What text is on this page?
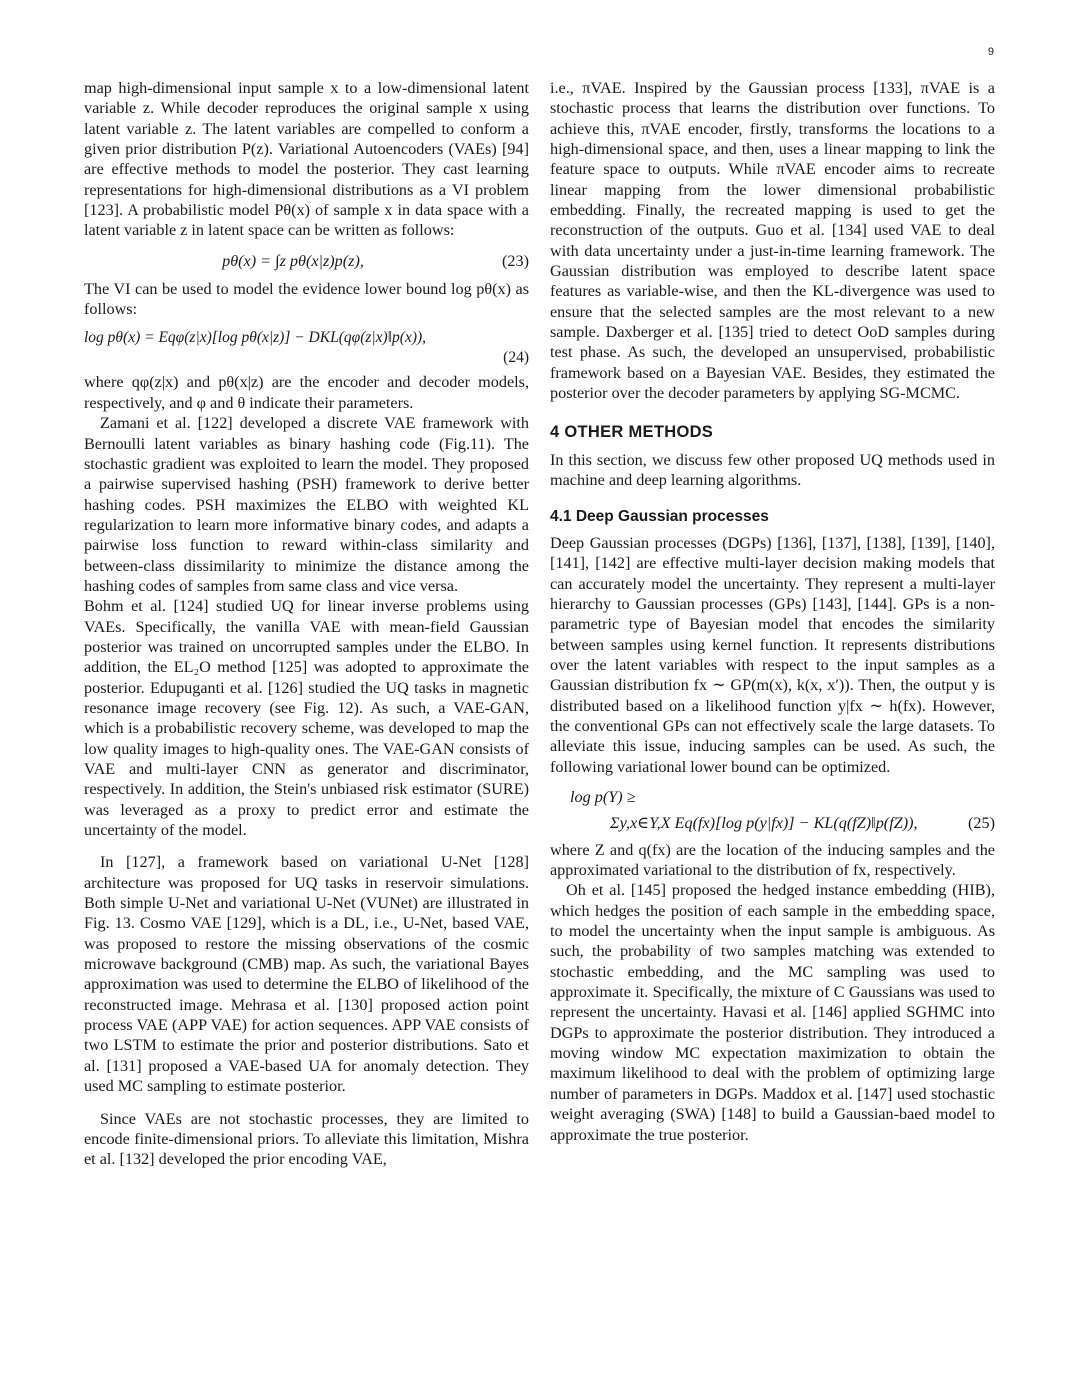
9

map high-dimensional input sample x to a low-dimensional latent variable z. While decoder reproduces the original sample x using latent variable z. The latent variables are compelled to conform a given prior distribution P(z). Variational Autoencoders (VAEs) [94] are effective methods to model the posterior. They cast learning representations for high-dimensional distributions as a VI problem [123]. A probabilistic model Pθ(x) of sample x in data space with a latent variable z in latent space can be written as follows:

pθ(x) = ∫z pθ(x|z)p(z),	(23)

The VI can be used to model the evidence lower bound log pθ(x) as follows:

log pθ(x) = Eqφ(z|x)[log pθ(x|z)] − DKL(qφ(z|x)‖p(x)),
(24)

where qφ(z|x) and pθ(x|z) are the encoder and decoder models, respectively, and φ and θ indicate their parameters.

Zamani et al. [122] developed a discrete VAE framework with Bernoulli latent variables as binary hashing code (Fig.11). The stochastic gradient was exploited to learn the model. They proposed a pairwise supervised hashing (PSH) framework to derive better hashing codes. PSH maximizes the ELBO with weighted KL regularization to learn more informative binary codes, and adapts a pairwise loss function to reward within-class similarity and between-class dissimilarity to minimize the distance among the hashing codes of samples from same class and vice versa.

Bohm et al. [124] studied UQ for linear inverse problems using VAEs. Specifically, the vanilla VAE with mean-field Gaussian posterior was trained on uncorrupted samples under the ELBO. In addition, the EL₂O method [125] was adopted to approximate the posterior. Edupuganti et al. [126] studied the UQ tasks in magnetic resonance image recovery (see Fig. 12). As such, a VAE-GAN, which is a probabilistic recovery scheme, was developed to map the low quality images to high-quality ones. The VAE-GAN consists of VAE and multi-layer CNN as generator and discriminator, respectively. In addition, the Stein's unbiased risk estimator (SURE) was leveraged as a proxy to predict error and estimate the uncertainty of the model.

In [127], a framework based on variational U-Net [128] architecture was proposed for UQ tasks in reservoir simulations. Both simple U-Net and variational U-Net (VUNet) are illustrated in Fig. 13. Cosmo VAE [129], which is a DL, i.e., U-Net, based VAE, was proposed to restore the missing observations of the cosmic microwave background (CMB) map. As such, the variational Bayes approximation was used to determine the ELBO of likelihood of the reconstructed image. Mehrasa et al. [130] proposed action point process VAE (APP VAE) for action sequences. APP VAE consists of two LSTM to estimate the prior and posterior distributions. Sato et al. [131] proposed a VAE-based UA for anomaly detection. They used MC sampling to estimate posterior.

Since VAEs are not stochastic processes, they are limited to encode finite-dimensional priors. To alleviate this limitation, Mishra et al. [132] developed the prior encoding VAE,

i.e., πVAE. Inspired by the Gaussian process [133], πVAE is a stochastic process that learns the distribution over functions. To achieve this, πVAE encoder, firstly, transforms the locations to a high-dimensional space, and then, uses a linear mapping to link the feature space to outputs. While πVAE encoder aims to recreate linear mapping from the lower dimensional probabilistic embedding. Finally, the recreated mapping is used to get the reconstruction of the outputs. Guo et al. [134] used VAE to deal with data uncertainty under a just-in-time learning framework. The Gaussian distribution was employed to describe latent space features as variable-wise, and then the KL-divergence was used to ensure that the selected samples are the most relevant to a new sample. Daxberger et al. [135] tried to detect OoD samples during test phase. As such, the developed an unsupervised, probabilistic framework based on a Bayesian VAE. Besides, they estimated the posterior over the decoder parameters by applying SG-MCMC.

4 OTHER METHODS

In this section, we discuss few other proposed UQ methods used in machine and deep learning algorithms.

4.1 Deep Gaussian processes

Deep Gaussian processes (DGPs) [136], [137], [138], [139], [140], [141], [142] are effective multi-layer decision making models that can accurately model the uncertainty. They represent a multi-layer hierarchy to Gaussian processes (GPs) [143], [144]. GPs is a non-parametric type of Bayesian model that encodes the similarity between samples using kernel function. It represents distributions over the latent variables with respect to the input samples as a Gaussian distribution fx ∼ GP(m(x), k(x, x′)). Then, the output y is distributed based on a likelihood function y|fx ∼ h(fx). However, the conventional GPs can not effectively scale the large datasets. To alleviate this issue, inducing samples can be used. As such, the following variational lower bound can be optimized.

log p(Y) ≥
Σy,x∈Y,X Eq(fx)[log p(y|fx)] − KL(q(fZ)‖p(fZ)),	(25)

where Z and q(fx) are the location of the inducing samples and the approximated variational to the distribution of fx, respectively.

Oh et al. [145] proposed the hedged instance embedding (HIB), which hedges the position of each sample in the embedding space, to model the uncertainty when the input sample is ambiguous. As such, the probability of two samples matching was extended to stochastic embedding, and the MC sampling was used to approximate it. Specifically, the mixture of C Gaussians was used to represent the uncertainty. Havasi et al. [146] applied SGHMC into DGPs to approximate the posterior distribution. They introduced a moving window MC expectation maximization to obtain the maximum likelihood to deal with the problem of optimizing large number of parameters in DGPs. Maddox et al. [147] used stochastic weight averaging (SWA) [148] to build a Gaussian-baed model to approximate the true posterior.
